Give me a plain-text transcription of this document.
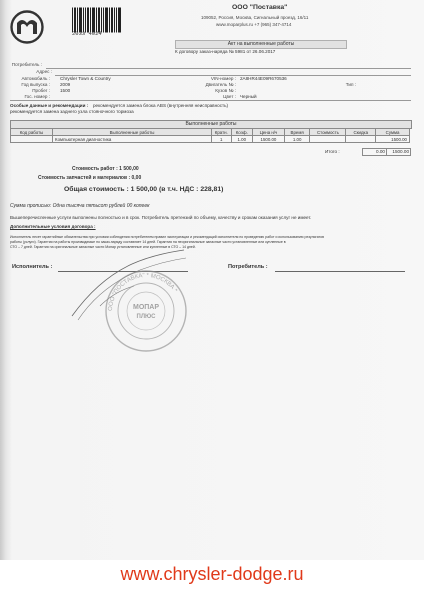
2033 4024
ООО "Поставка"
109052, Россия, Москва, Сигнальный проезд, 16/11
www.moparplus.ru +7 (965) 347-4714
Акт на выполненные работы
К договору заказ-наряда № 5981 от 26.06.2017
Потребитель :
Адрес :
Автомобиль : Chrysler Town & Country
Год выпуска : 2009
Пробег : 1500
Гос. номер :
VIN-номер : 2A8HR44E09R670536
Двигатель № :	Тип :
Кузов № :
Цвет : Черный
Особые данные и рекомендации : рекомендуется замена блока ABS (внутренняя неисправность)
рекомендуется замена заднего узла стояночного тормоза
Выполненные работы
Код работы	Выполненные работы	Кратн.	Коэф.	Цена н/ч	Время	Стоимость	Скидка	Сумма
	Компьютерная диагностика	1	1.00	1500.00	1.00			1500.00
Итого :	0.00	1500.00
Стоимость работ : 1 500,00
Стоимость запчастей и материалов : 0,00
Общая стоимость : 1 500,00 (в т.ч. НДС : 228,81)
Сумма прописью: Одна тысяча пятьсот рублей 00 копеек
Вышеперечисленные услуги выполнены полностью и в срок. Потребитель претензий по объему, качеству и срокам оказания услуг не имеет.
Дополнительные условия договора :
Исполнитель несет гарантийные обязательства при условии соблюдения потребителем правил эксплуатации и рекомендаций исполнителя по проведению работ и использованию результатов
работы (услуги). Гарантия на работы производимые по заказ-наряду составляет 14 дней. Гарантия на неоригинальные запасные части установленные или купленные в
СТО – 7 дней. Гарантия на оригинальные запасные части Мопар установленные или купленные в СТО – 14 дней.
Исполнитель :	Потребитель :
ООО "ПОСТАВКА" * МОСКВА *
МОПАР
ПЛЮС
www.chrysler-dodge.ru
